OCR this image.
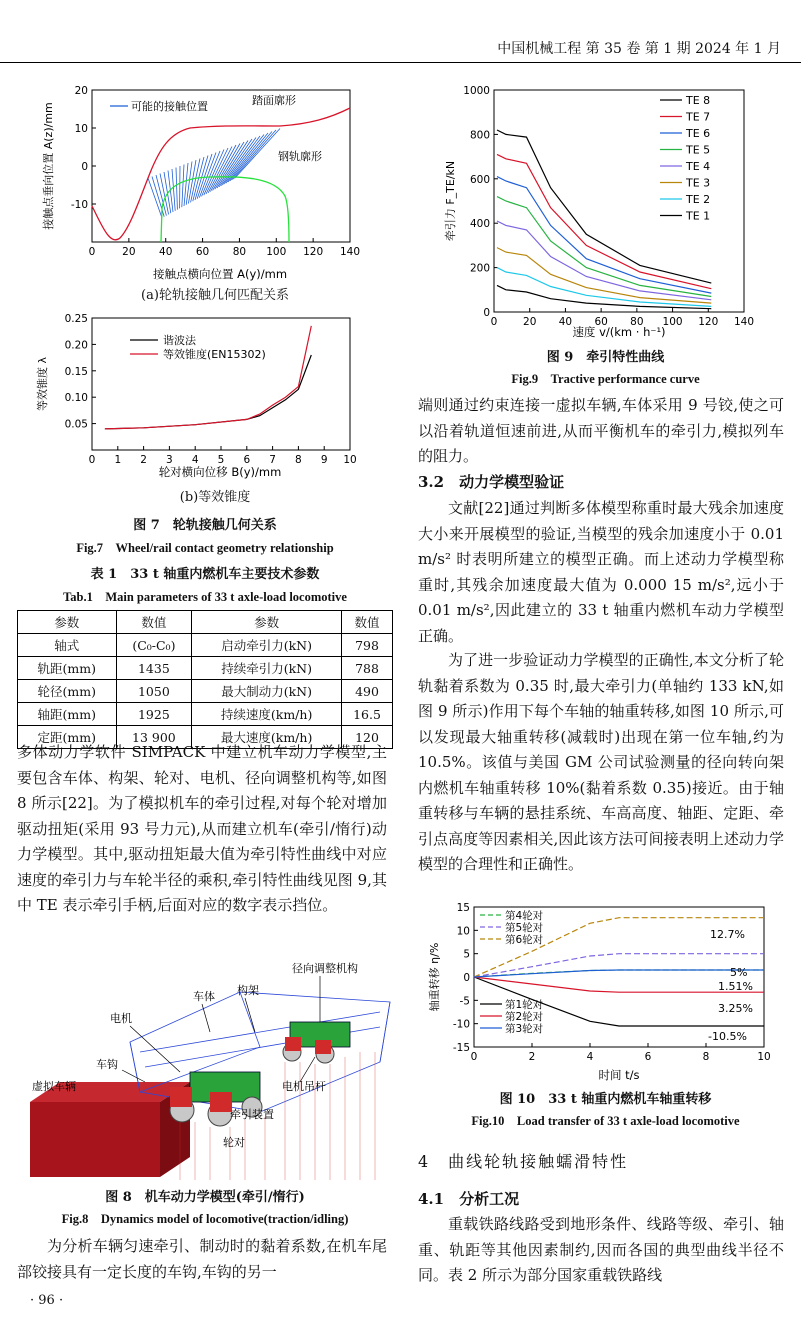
中国机械工程 第 35 卷 第 1 期 2024 年 1 月
0	20 40 60 80 100 120 140
-10
0
10
20
可能的接触位置	踏面廓形
钢轨廓形
接触点横向位置 A(y)/mm
接触点垂向位置 A(z)/mm
(a)轮轨接触几何匹配关系
0 1 2 3 4 5 6 7 8 9 10
0.05
0.10
0.15
0.20
0.25
谐波法
等效锥度(EN15302)
轮对横向位移 B(y)/mm
等效锥度 λ
(b)等效锥度
图 7　轮轨接触几何关系
Fig.7　Wheel/rail contact geometry relationship
表 1　33 t 轴重内燃机车主要技术参数
Tab.1　Main parameters of 33 t axle-load locomotive
参数	数值	参数	数值
轴式	(C₀-C₀)	启动牵引力(kN)	798
轨距(mm)	1435	持续牵引力(kN)	788
轮径(mm)	1050	最大制动力(kN)	490
轴距(mm)	1925	持续速度(km/h)	16.5
定距(mm)	13 900	最大速度(km/h)	120

多体动力学软件 SIMPACK 中建立机车动力学模型,主要包含车体、构架、轮对、电机、径向调整机构等,如图 8 所示[22]。为了模拟机车的牵引过程,对每个轮对增加驱动扭矩(采用 93 号力元),从而建立机车(牵引/惰行)动力学模型。其中,驱动扭矩最大值为牵引特性曲线中对应速度的牵引力与车轮半径的乘积,牵引特性曲线见图 9,其中 TE 表示牵引手柄,后面对应的数字表示挡位。

车体 构架
径向调整机构
电机
车钩
虚拟车辆	电机吊杆
牵引装置
轮对
图 8　机车动力学模型(牵引/惰行)
Fig.8　Dynamics model of locomotive(traction/idling)

为分析车辆匀速牵引、制动时的黏着系数,在机车尾部铰接具有一定长度的车钩,车钩的另一

· 96 ·
0 20 40 60 80 100 120 140
0
200
400
600
800
1000
TE 8
TE 7
TE 6
TE 5
TE 4
TE 3
TE 2
TE 1
速度 v/(km · h⁻¹)
牵引力 F_TE/kN
图 9　牵引特性曲线
Fig.9　Tractive performance curve

端则通过约束连接一虚拟车辆,车体采用 9 号铰,使之可以沿着轨道恒速前进,从而平衡机车的牵引力,模拟列车的阻力。

3.2　动力学模型验证

文献[22]通过判断多体模型称重时最大残余加速度大小来开展模型的验证,当模型的残余加速度小于 0.01 m/s² 时表明所建立的模型正确。而上述动力学模型称重时,其残余加速度最大值为 0.000 15 m/s²,远小于 0.01 m/s²,因此建立的 33 t 轴重内燃机车动力学模型正确。

为了进一步验证动力学模型的正确性,本文分析了轮轨黏着系数为 0.35 时,最大牵引力(单轴约 133 kN,如图 9 所示)作用下每个车轴的轴重转移,如图 10 所示,可以发现最大轴重转移(减载时)出现在第一位车轴,约为 10.5%。该值与美国 GM 公司试验测量的径向转向架内燃机车轴重转移 10%(黏着系数 0.35)接近。由于轴重转移与车辆的悬挂系统、车高高度、轴距、定距、牵引点高度等因素相关,因此该方法可间接表明上述动力学模型的合理性和正确性。

0	2	4	6	8	10
-15
-10
-5
0
5
10
15
第4轮对
第5轮对
第6轮对
第1轮对
第2轮对
第3轮对
12.7%
5%
1.51%
3.25%
-10.5%
时间 t/s
轴重转移 η/%
图 10　33 t 轴重内燃机车轴重转移
Fig.10　Load transfer of 33 t axle-load locomotive
4　曲线轮轨接触蠕滑特性
4.1　分析工况

重载铁路线路受到地形条件、线路等级、牵引、轴重、轨距等其他因素制约,因而各国的典型曲线半径不同。表 2 所示为部分国家重载铁路线
